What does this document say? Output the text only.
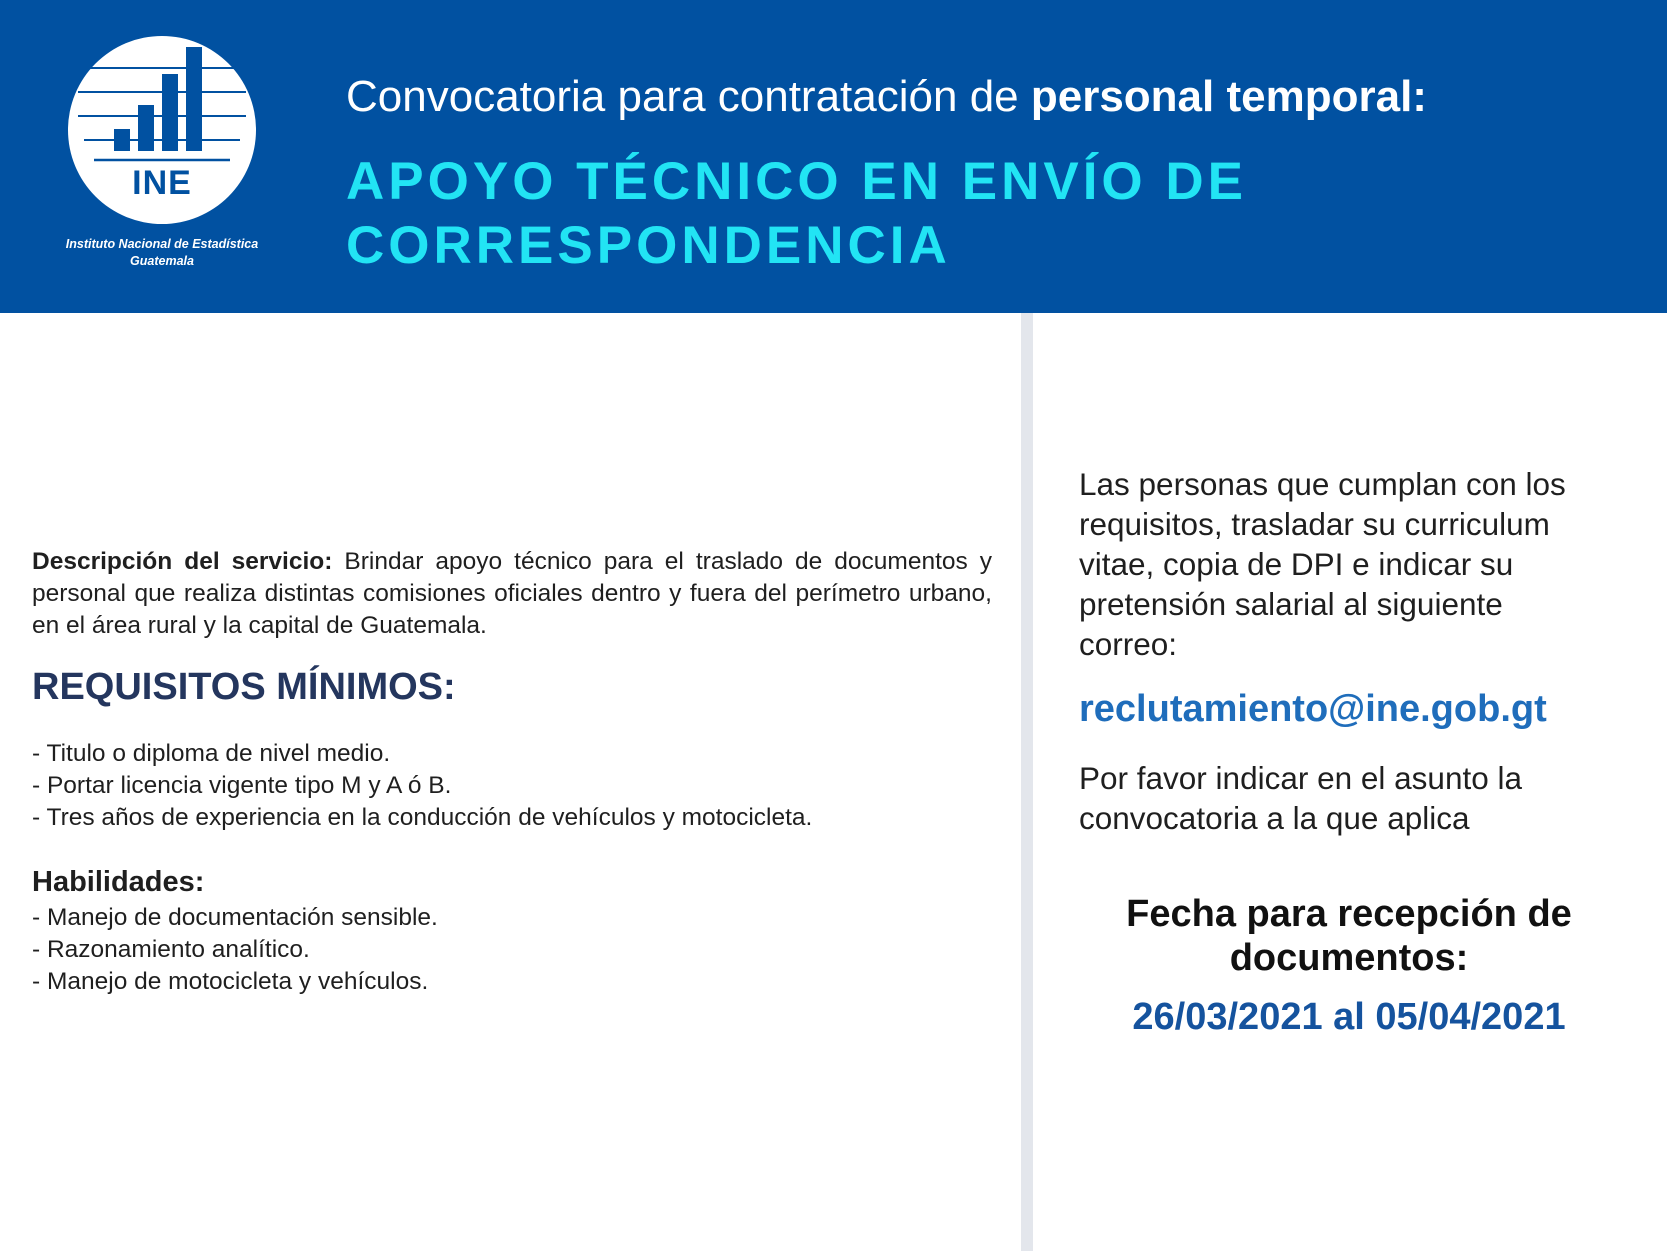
INE
Instituto Nacional de Estadística
Guatemala
Convocatoria para contratación de personal temporal:
APOYO TÉCNICO EN ENVÍO DE
CORRESPONDENCIA
Descripción del servicio: Brindar apoyo técnico para el traslado de documentos y personal que realiza distintas comisiones oficiales dentro y fuera del perímetro urbano, en el área rural y la capital de Guatemala.
REQUISITOS MÍNIMOS:
- Titulo o diploma de nivel medio.
- Portar licencia vigente tipo M y A ó B.
- Tres años de experiencia en la conducción de vehículos y motocicleta.
Habilidades:
- Manejo de documentación sensible.
- Razonamiento analítico.
- Manejo de motocicleta y vehículos.
Las personas que cumplan con los
requisitos, trasladar su curriculum
vitae, copia de DPI e indicar su
pretensión salarial al siguiente
correo:
reclutamiento@ine.gob.gt
Por favor indicar en el asunto la
convocatoria a la que aplica
Fecha para recepción de
documentos:
26/03/2021 al 05/04/2021
